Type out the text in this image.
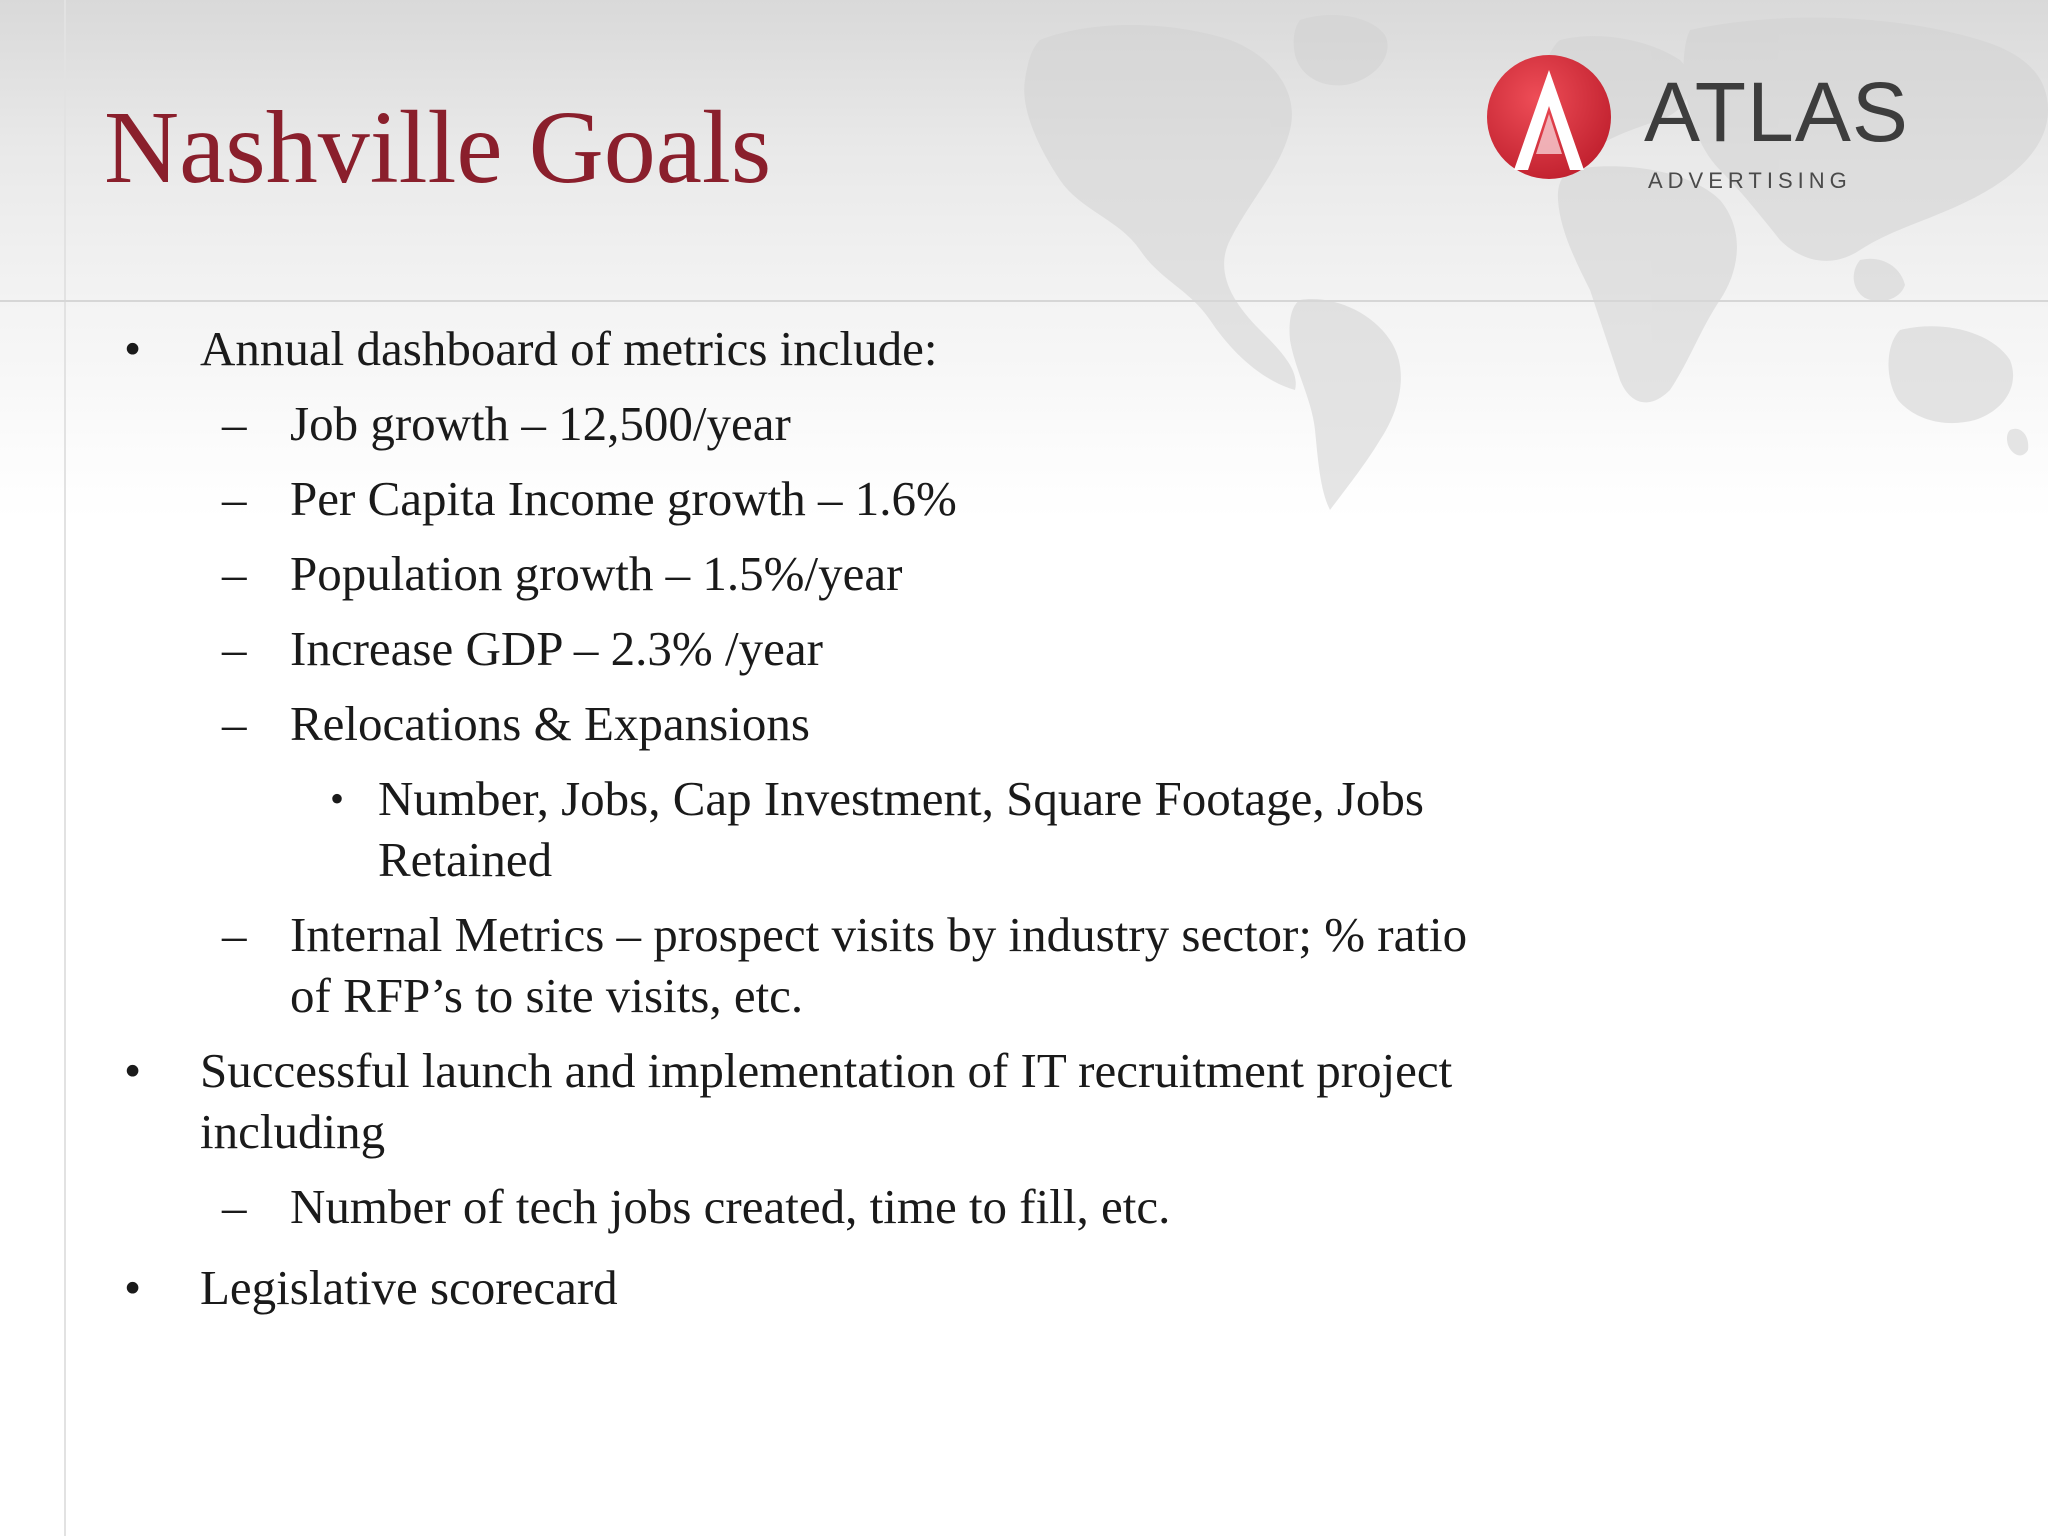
Nashville Goals	ATLAS
ADVERTISING
• Annual dashboard of metrics include:
– Job growth – 12,500/year
– Per Capita Income growth – 1.6%
– Population growth – 1.5%/year
– Increase GDP – 2.3% /year
– Relocations & Expansions
• Number, Jobs, Cap Investment, Square Footage, Jobs
Retained
– Internal Metrics – prospect visits by industry sector; % ratio
of RFP’s to site visits, etc.
• Successful launch and implementation of IT recruitment project
including
– Number of tech jobs created, time to fill, etc.
• Legislative scorecard
